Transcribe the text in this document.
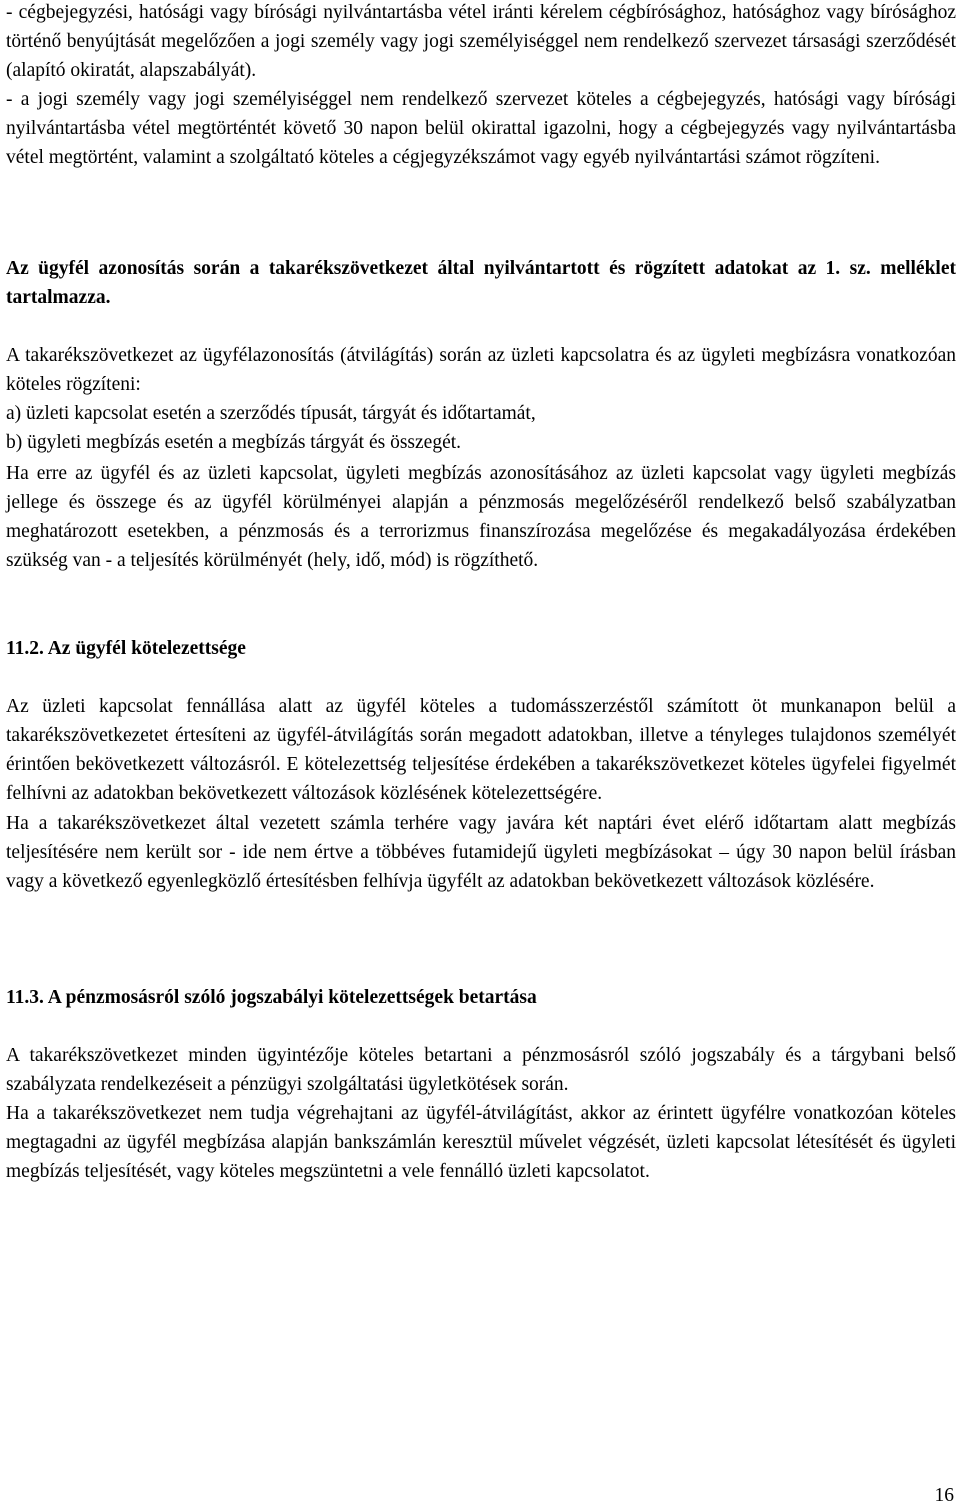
- cégbejegyzési, hatósági vagy bírósági nyilvántartásba vétel iránti kérelem cégbírósághoz, hatósághoz vagy bírósághoz történő benyújtását megelőzően a jogi személy vagy jogi személyiséggel nem rendelkező szervezet társasági szerződését (alapító okiratát, alapszabályát).

- a jogi személy vagy jogi személyiséggel nem rendelkező szervezet köteles a cégbejegyzés, hatósági vagy bírósági nyilvántartásba vétel megtörténtét követő 30 napon belül okirattal igazolni, hogy a cégbejegyzés vagy nyilvántartásba vétel megtörtént, valamint a szolgáltató köteles a cégjegyzékszámot vagy egyéb nyilvántartási számot rögzíteni.

Az ügyfél azonosítás során a takarékszövetkezet által nyilvántartott és rögzített adatokat az 1. sz. melléklet tartalmazza.

A takarékszövetkezet az ügyfélazonosítás (átvilágítás) során az üzleti kapcsolatra és az ügyleti megbízásra vonatkozóan köteles rögzíteni:

a) üzleti kapcsolat esetén a szerződés típusát, tárgyát és időtartamát,

b) ügyleti megbízás esetén a megbízás tárgyát és összegét.

Ha erre az ügyfél és az üzleti kapcsolat, ügyleti megbízás azonosításához az üzleti kapcsolat vagy ügyleti megbízás jellege és összege és az ügyfél körülményei alapján a pénzmosás megelőzéséről rendelkező belső szabályzatban meghatározott esetekben, a pénzmosás és a terrorizmus finanszírozása megelőzése és megakadályozása érdekében szükség van - a teljesítés körülményét (hely, idő, mód) is rögzíthető.

11.2. Az ügyfél kötelezettsége

Az üzleti kapcsolat fennállása alatt az ügyfél köteles a tudomásszerzéstől számított öt munkanapon belül a takarékszövetkezetet értesíteni az ügyfél-átvilágítás során megadott adatokban, illetve a tényleges tulajdonos személyét érintően bekövetkezett változásról. E kötelezettség teljesítése érdekében a takarékszövetkezet köteles ügyfelei figyelmét felhívni az adatokban bekövetkezett változások közlésének kötelezettségére.

Ha a takarékszövetkezet által vezetett számla terhére vagy javára két naptári évet elérő időtartam alatt megbízás teljesítésére nem került sor - ide nem értve a többéves futamidejű ügyleti megbízásokat – úgy 30 napon belül írásban vagy a következő egyenlegközlő értesítésben felhívja ügyfélt az adatokban bekövetkezett változások közlésére.

11.3. A pénzmosásról szóló jogszabályi kötelezettségek betartása

A takarékszövetkezet minden ügyintézője köteles betartani a pénzmosásról szóló jogszabály és a tárgybani belső szabályzata rendelkezéseit a pénzügyi szolgáltatási ügyletkötések során.

Ha a takarékszövetkezet nem tudja végrehajtani az ügyfél-átvilágítást, akkor az érintett ügyfélre vonatkozóan köteles megtagadni az ügyfél megbízása alapján bankszámlán keresztül művelet végzését, üzleti kapcsolat létesítését és ügyleti megbízás teljesítését, vagy köteles megszüntetni a vele fennálló üzleti kapcsolatot.

16
